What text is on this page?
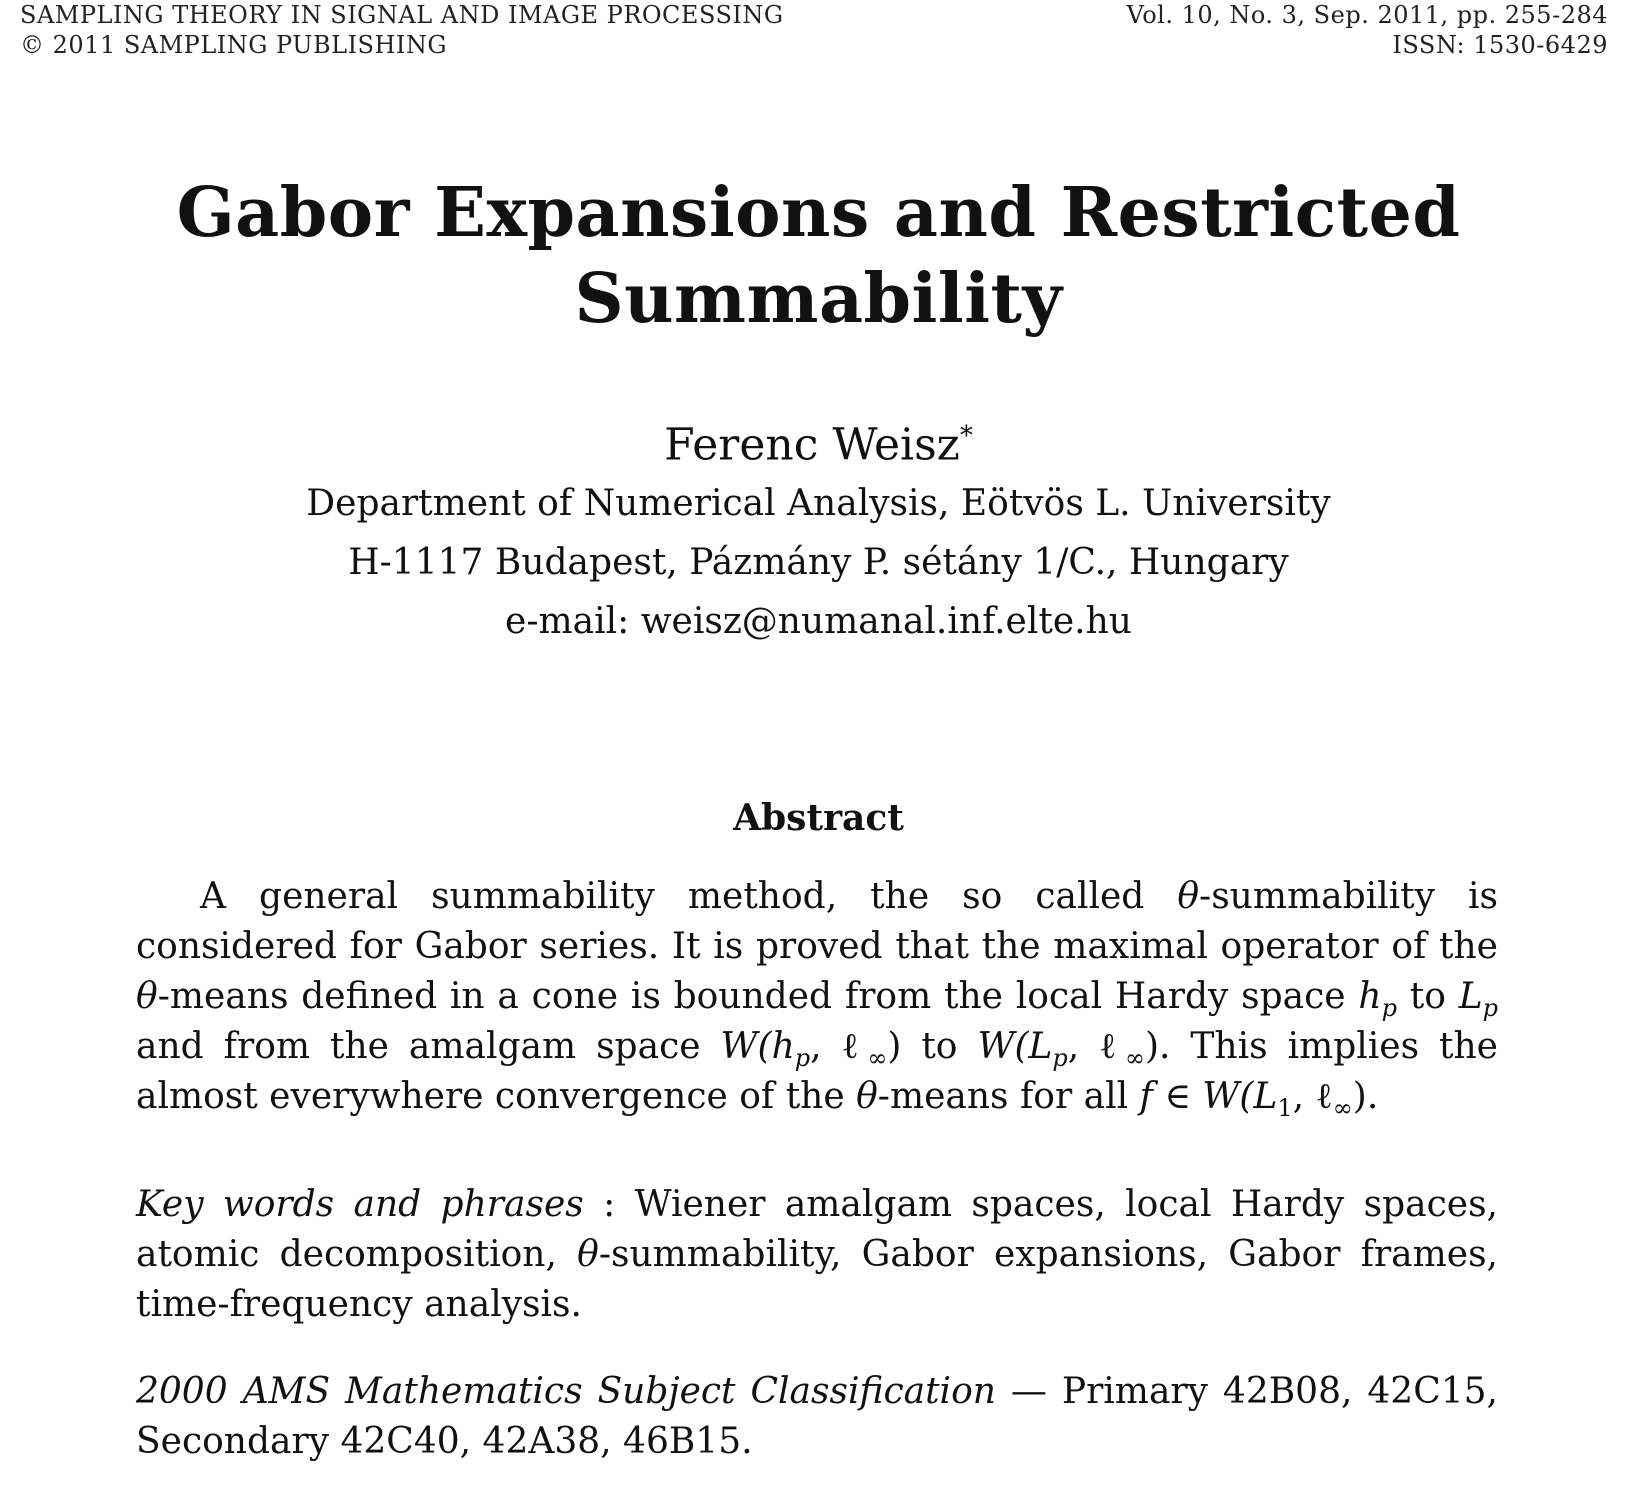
SAMPLING THEORY IN SIGNAL AND IMAGE PROCESSING
© 2011 SAMPLING PUBLISHING
Vol. 10, No. 3, Sep. 2011, pp. 255-284
ISSN: 1530-6429
Gabor Expansions and Restricted
Summability
Ferenc Weisz*
Department of Numerical Analysis, Eötvös L. University
H-1117 Budapest, Pázmány P. sétány 1/C., Hungary
e-mail: weisz@numanal.inf.elte.hu
Abstract
A general summability method, the so called θ-summability is considered for Gabor series. It is proved that the maximal operator of the θ-means defined in a cone is bounded from the local Hardy space $h_p$ to $L_p$ and from the amalgam space $W(h_p$, ℓ$_\infty$) to $W(L_p$, ℓ$_\infty$). This implies the almost everywhere convergence of the θ-means for all f ∈ $W(L_1$, ℓ$_\infty$).
Key words and phrases : Wiener amalgam spaces, local Hardy spaces, atomic decomposition, θ-summability, Gabor expansions, Gabor frames, time-frequency analysis.
2000 AMS Mathematics Subject Classification — Primary 42B08, 42C15, Secondary 42C40, 42A38, 46B15.
